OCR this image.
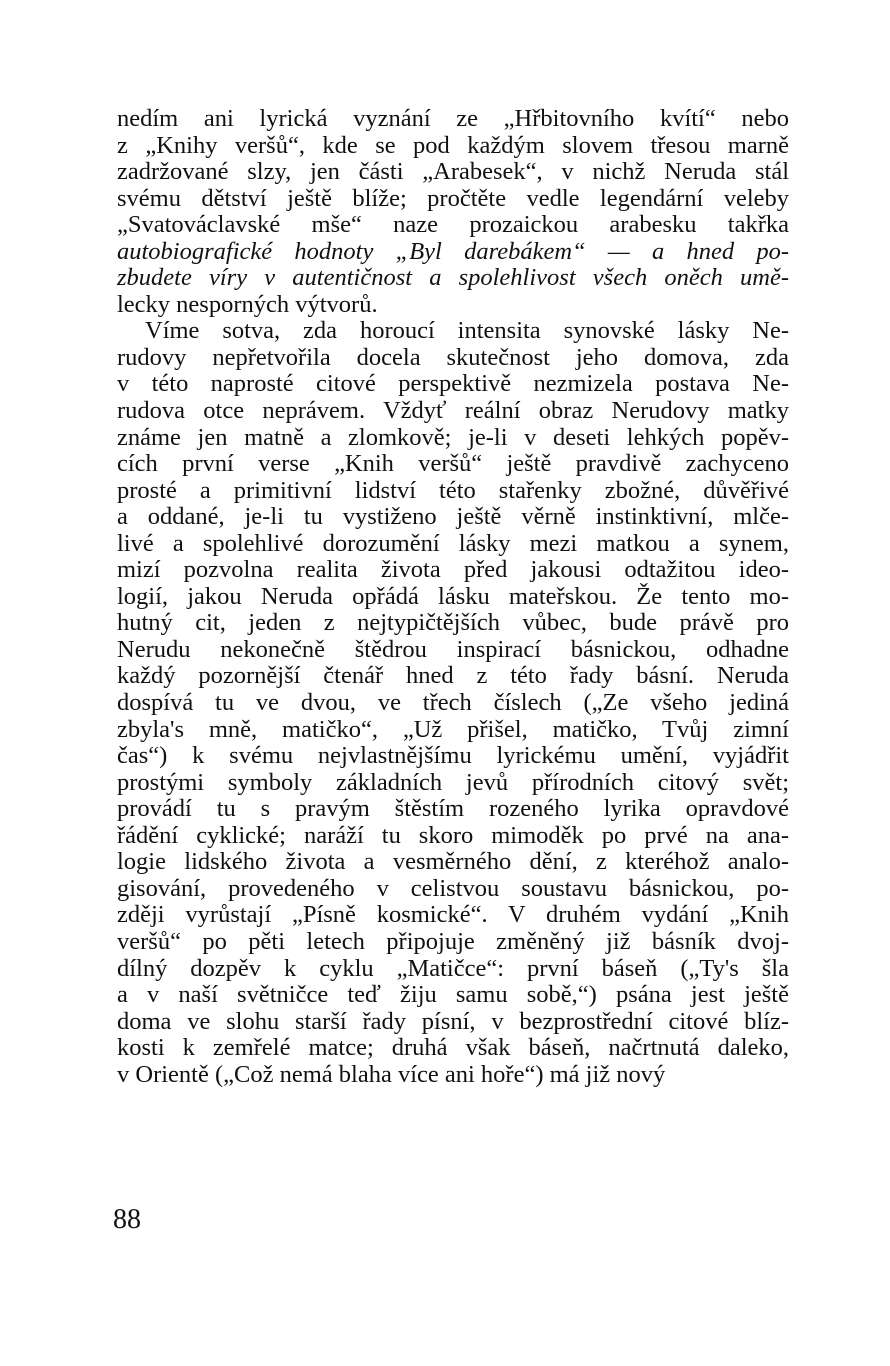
nedím ani lyrická vyznání ze „Hřbitovního kvítí“ nebo
z „Knihy veršů“, kde se pod každým slovem třesou marně
zadržované slzy, jen části „Arabesek“, v nichž Neruda stál
svému dětství ještě blíže; pročtěte vedle legendární veleby
„Svatováclavské mše“ naze prozaickou arabesku takřka
autobiografické hodnoty „Byl darebákem“ — a hned po-
zbudete víry v autentičnost a spolehlivost všech oněch umě-
lecky nesporných výtvorů.
Víme sotva, zda horoucí intensita synovské lásky Ne-
rudovy nepřetvořila docela skutečnost jeho domova, zda
v této naprosté citové perspektivě nezmizela postava Ne-
rudova otce neprávem. Vždyť reální obraz Nerudovy matky
známe jen matně a zlomkově; je-li v deseti lehkých popěv-
cích první verse „Knih veršů“ ještě pravdivě zachyceno
prosté a primitivní lidství této stařenky zbožné, důvěřivé
a oddané, je-li tu vystiženo ještě věrně instinktivní, mlče-
livé a spolehlivé dorozumění lásky mezi matkou a synem,
mizí pozvolna realita života před jakousi odtažitou ideo-
logií, jakou Neruda opřádá lásku mateřskou. Že tento mo-
hutný cit, jeden z nejtypičtějších vůbec, bude právě pro
Nerudu nekonečně štědrou inspirací básnickou, odhadne
každý pozornější čtenář hned z této řady básní. Neruda
dospívá tu ve dvou, ve třech číslech („Ze všeho jediná
zbyla's mně, matičko“, „Už přišel, matičko, Tvůj zimní
čas“) k svému nejvlastnějšímu lyrickému umění, vyjádřit
prostými symboly základních jevů přírodních citový svět;
provádí tu s pravým štěstím rozeného lyrika opravdové
řádění cyklické; naráží tu skoro mimoděk po prvé na ana-
logie lidského života a vesměrného dění, z kteréhož analo-
gisování, provedeného v celistvou soustavu básnickou, po-
zději vyrůstají „Písně kosmické“. V druhém vydání „Knih
veršů“ po pěti letech připojuje změněný již básník dvoj-
dílný dozpěv k cyklu „Matičce“: první báseň („Ty's šla
a v naší světničce teď žiju samu sobě,“) psána jest ještě
doma ve slohu starší řady písní, v bezprostřední citové blíz-
kosti k zemřelé matce; druhá však báseň, načrtnutá daleko,
v Orientě („Což nemá blaha více ani hoře“) má již nový
88
